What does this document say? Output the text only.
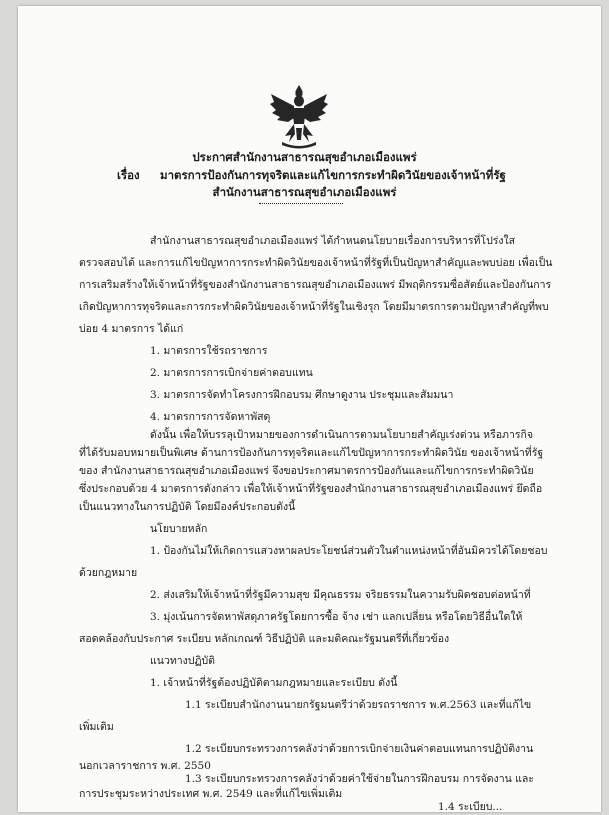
ประกาศสำนักงานสาธารณสุขอำเภอเมืองแพร่
เรื่อง มาตรการป้องกันการทุจริตและแก้ไขการกระทำผิดวินัยของเจ้าหน้าที่รัฐ
สำนักงานสาธารณสุขอำเภอเมืองแพร่
สำนักงานสาธารณสุขอำเภอเมืองแพร่ ได้กำหนดนโยบายเรื่องการบริหารที่โปร่งใส
ตรวจสอบได้ และการแก้ไขปัญหาการกระทำผิดวินัยของเจ้าหน้าที่รัฐที่เป็นปัญหาสำคัญและพบบ่อย เพื่อเป็น
การเสริมสร้างให้เจ้าหน้าที่รัฐของสำนักงานสาธารณสุขอำเภอเมืองแพร่ มีพฤติกรรมซื่อสัตย์และป้องกันการ
เกิดปัญหาการทุจริตและการกระทำผิดวินัยของเจ้าหน้าที่รัฐในเชิงรุก โดยมีมาตรการตามปัญหาสำคัญที่พบ
บ่อย 4 มาตรการ ได้แก่
1. มาตรการใช้รถราชการ
2. มาตรการการเบิกจ่ายค่าตอบแทน
3. มาตรการจัดทำโครงการฝึกอบรม ศึกษาดูงาน ประชุมและสัมมนา
4. มาตรการการจัดหาพัสดุ
ดังนั้น เพื่อให้บรรลุเป้าหมายของการดำเนินการตามนโยบายสำคัญเร่งด่วน หรือภารกิจ
ที่ได้รับมอบหมายเป็นพิเศษ ด้านการป้องกันการทุจริตและแก้ไขปัญหาการกระทำผิดวินัย ของเจ้าหน้าที่รัฐ
ของ สำนักงานสาธารณสุขอำเภอเมืองแพร่ จึงขอประกาศมาตรการป้องกันและแก้ไขการกระทำผิดวินัย
ซึ่งประกอบด้วย 4 มาตรการดังกล่าว เพื่อให้เจ้าหน้าที่รัฐของสำนักงานสาธารณสุขอำเภอเมืองแพร่ ยึดถือ
เป็นแนวทางในการปฏิบัติ โดยมีองค์ประกอบดังนี้
นโยบายหลัก
1. ป้องกันไม่ให้เกิดการแสวงหาผลประโยชน์ส่วนตัวในตำแหน่งหน้าที่อันมิควรได้โดยชอบ
ด้วยกฎหมาย
2. ส่งเสริมให้เจ้าหน้าที่รัฐมีความสุข มีคุณธรรม จริยธรรมในความรับผิดชอบต่อหน้าที่
3. มุ่งเน้นการจัดหาพัสดุภาครัฐโดยการซื้อ จ้าง เช่า แลกเปลี่ยน หรือโดยวิธีอื่นใดให้
สอดคล้องกับประกาศ ระเบียบ หลักเกณฑ์ วิธีปฏิบัติ และมติคณะรัฐมนตรีที่เกี่ยวข้อง
แนวทางปฏิบัติ
1. เจ้าหน้าที่รัฐต้องปฏิบัติตามกฎหมายและระเบียบ ดังนี้
1.1 ระเบียบสำนักงานนายกรัฐมนตรีว่าด้วยรถราชการ พ.ศ.2563 และที่แก้ไข
เพิ่มเติม
1.2 ระเบียบกระทรวงการคลังว่าด้วยการเบิกจ่ายเงินค่าตอบแทนการปฏิบัติงาน
นอกเวลาราชการ พ.ศ. 2550
1.3 ระเบียบกระทรวงการคลังว่าด้วยค่าใช้จ่ายในการฝึกอบรม การจัดงาน และ
การประชุมระหว่างประเทศ พ.ศ. 2549 และที่แก้ไขเพิ่มเติม
1.4 ระเบียบ...
